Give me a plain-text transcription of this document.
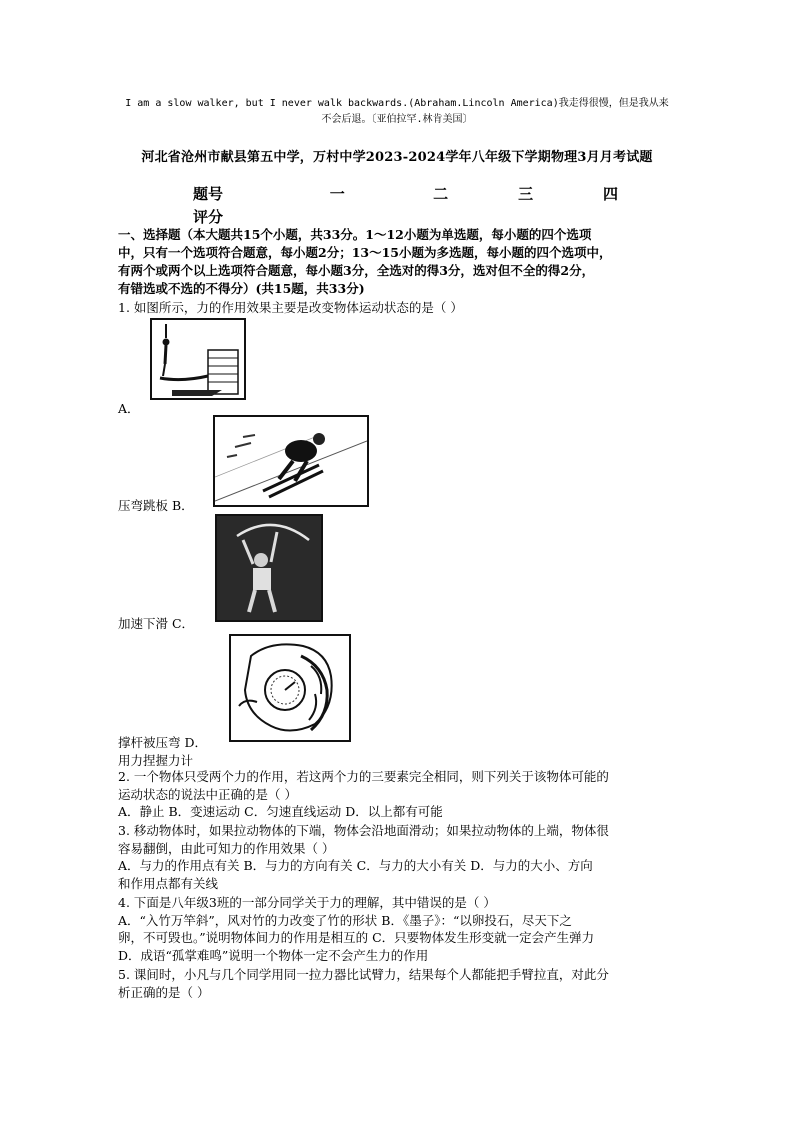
I am a slow walker, but I never walk backwards.(Abraham.Lincoln America)我走得很慢，但是我从来
不会后退。〔亚伯拉罕.林肯美国〕
河北省沧州市献县第五中学，万村中学2023-2024学年八年级下学期物理3月月考试题
题号	一	二	三	四
评分
一、选择题（本大题共15个小题，共33分。1～12小题为单选题，每小题的四个选项
中，只有一个选项符合题意，每小题2分；13～15小题为多选题，每小题的四个选项中，
有两个或两个以上选项符合题意，每小题3分，全选对的得3分，选对但不全的得2分，
有错选或不选的不得分）(共15题，共33分)
1. 如图所示，力的作用效果主要是改变物体运动状态的是（ ）
A．
压弯跳板 B．
加速下滑 C．
撑杆被压弯 D．
用力捏握力计
2. 一个物体只受两个力的作用，若这两个力的三要素完全相同，则下列关于该物体可能的
运动状态的说法中正确的是（ ）
A．静止 B．变速运动 C．匀速直线运动 D．以上都有可能
3. 移动物体时，如果拉动物体的下端，物体会沿地面滑动；如果拉动物体的上端，物体很
容易翻倒，由此可知力的作用效果（ ）
A．与力的作用点有关 B．与力的方向有关 C．与力的大小有关 D．与力的大小、方向
和作用点都有关线
4. 下面是八年级3班的一部分同学关于力的理解，其中错误的是（ ）
A．“入竹万竿斜”，风对竹的力改变了竹的形状 B．《墨子》：“以卵投石，尽天下之
卵，不可毁也。”说明物体间力的作用是相互的 C．只要物体发生形变就一定会产生弹力
D．成语“孤掌难鸣”说明一个物体一定不会产生力的作用
5. 课间时，小凡与几个同学用同一拉力器比试臂力，结果每个人都能把手臂拉直，对此分
析正确的是（ ）
